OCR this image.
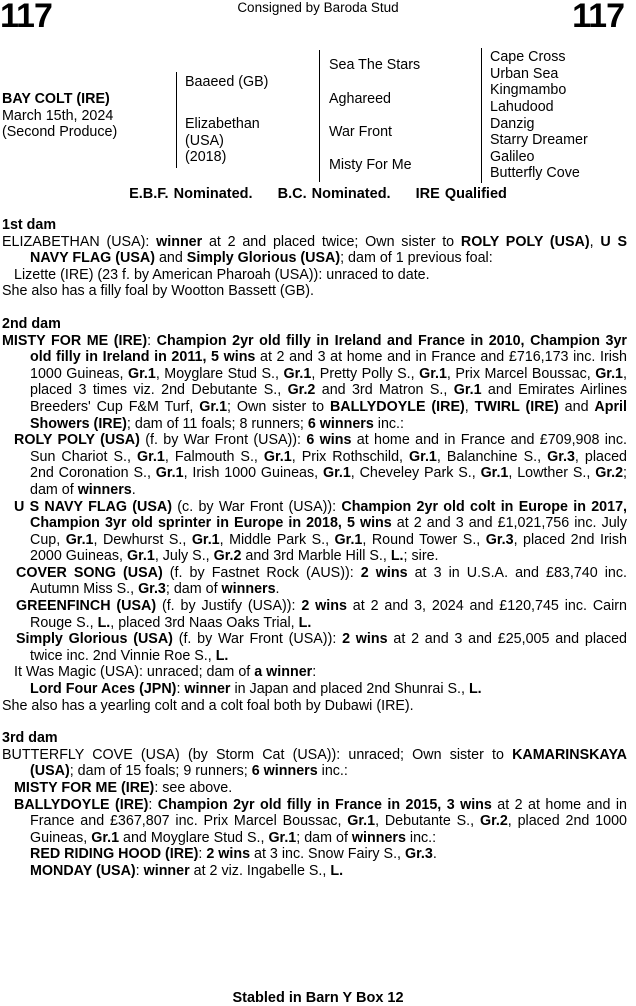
117	Consigned by Baroda Stud	117
BAY COLT (IRE)
March 15th, 2024
(Second Produce)
Baaeed (GB)
Elizabethan
(USA)
(2018)
Sea The Stars
Aghareed
War Front
Misty For Me
Cape Cross
Urban Sea
Kingmambo
Lahudood
Danzig
Starry Dreamer
Galileo
Butterfly Cove
E.B.F. Nominated. B.C. Nominated. IRE Qualified

1st dam

ELIZABETHAN (USA): winner at 2 and placed twice; Own sister to ROLY POLY (USA), U S NAVY FLAG (USA) and Simply Glorious (USA); dam of 1 previous foal:

Lizette (IRE) (23 f. by American Pharoah (USA)): unraced to date.

She also has a filly foal by Wootton Bassett (GB).

2nd dam

MISTY FOR ME (IRE): Champion 2yr old filly in Ireland and France in 2010, Champion 3yr old filly in Ireland in 2011, 5 wins at 2 and 3 at home and in France and £716,173 inc. Irish 1000 Guineas, Gr.1, Moyglare Stud S., Gr.1, Pretty Polly S., Gr.1, Prix Marcel Boussac, Gr.1, placed 3 times viz. 2nd Debutante S., Gr.2 and 3rd Matron S., Gr.1 and Emirates Airlines Breeders' Cup F&M Turf, Gr.1; Own sister to BALLYDOYLE (IRE), TWIRL (IRE) and April Showers (IRE); dam of 11 foals; 8 runners; 6 winners inc.:

ROLY POLY (USA) (f. by War Front (USA)): 6 wins at home and in France and £709,908 inc. Sun Chariot S., Gr.1, Falmouth S., Gr.1, Prix Rothschild, Gr.1, Balanchine S., Gr.3, placed 2nd Coronation S., Gr.1, Irish 1000 Guineas, Gr.1, Cheveley Park S., Gr.1, Lowther S., Gr.2; dam of winners.

U S NAVY FLAG (USA) (c. by War Front (USA)): Champion 2yr old colt in Europe in 2017, Champion 3yr old sprinter in Europe in 2018, 5 wins at 2 and 3 and £1,021,756 inc. July Cup, Gr.1, Dewhurst S., Gr.1, Middle Park S., Gr.1, Round Tower S., Gr.3, placed 2nd Irish 2000 Guineas, Gr.1, July S., Gr.2 and 3rd Marble Hill S., L.; sire.

COVER SONG (USA) (f. by Fastnet Rock (AUS)): 2 wins at 3 in U.S.A. and £83,740 inc. Autumn Miss S., Gr.3; dam of winners.

GREENFINCH (USA) (f. by Justify (USA)): 2 wins at 2 and 3, 2024 and £120,745 inc. Cairn Rouge S., L., placed 3rd Naas Oaks Trial, L.

Simply Glorious (USA) (f. by War Front (USA)): 2 wins at 2 and 3 and £25,005 and placed twice inc. 2nd Vinnie Roe S., L.

It Was Magic (USA): unraced; dam of a winner:

Lord Four Aces (JPN): winner in Japan and placed 2nd Shunrai S., L.

She also has a yearling colt and a colt foal both by Dubawi (IRE).

3rd dam

BUTTERFLY COVE (USA) (by Storm Cat (USA)): unraced; Own sister to KAMARINSKAYA (USA); dam of 15 foals; 9 runners; 6 winners inc.:

MISTY FOR ME (IRE): see above.

BALLYDOYLE (IRE): Champion 2yr old filly in France in 2015, 3 wins at 2 at home and in France and £367,807 inc. Prix Marcel Boussac, Gr.1, Debutante S., Gr.2, placed 2nd 1000 Guineas, Gr.1 and Moyglare Stud S., Gr.1; dam of winners inc.:

RED RIDING HOOD (IRE): 2 wins at 3 inc. Snow Fairy S., Gr.3.

MONDAY (USA): winner at 2 viz. Ingabelle S., L.

Stabled in Barn Y Box 12
